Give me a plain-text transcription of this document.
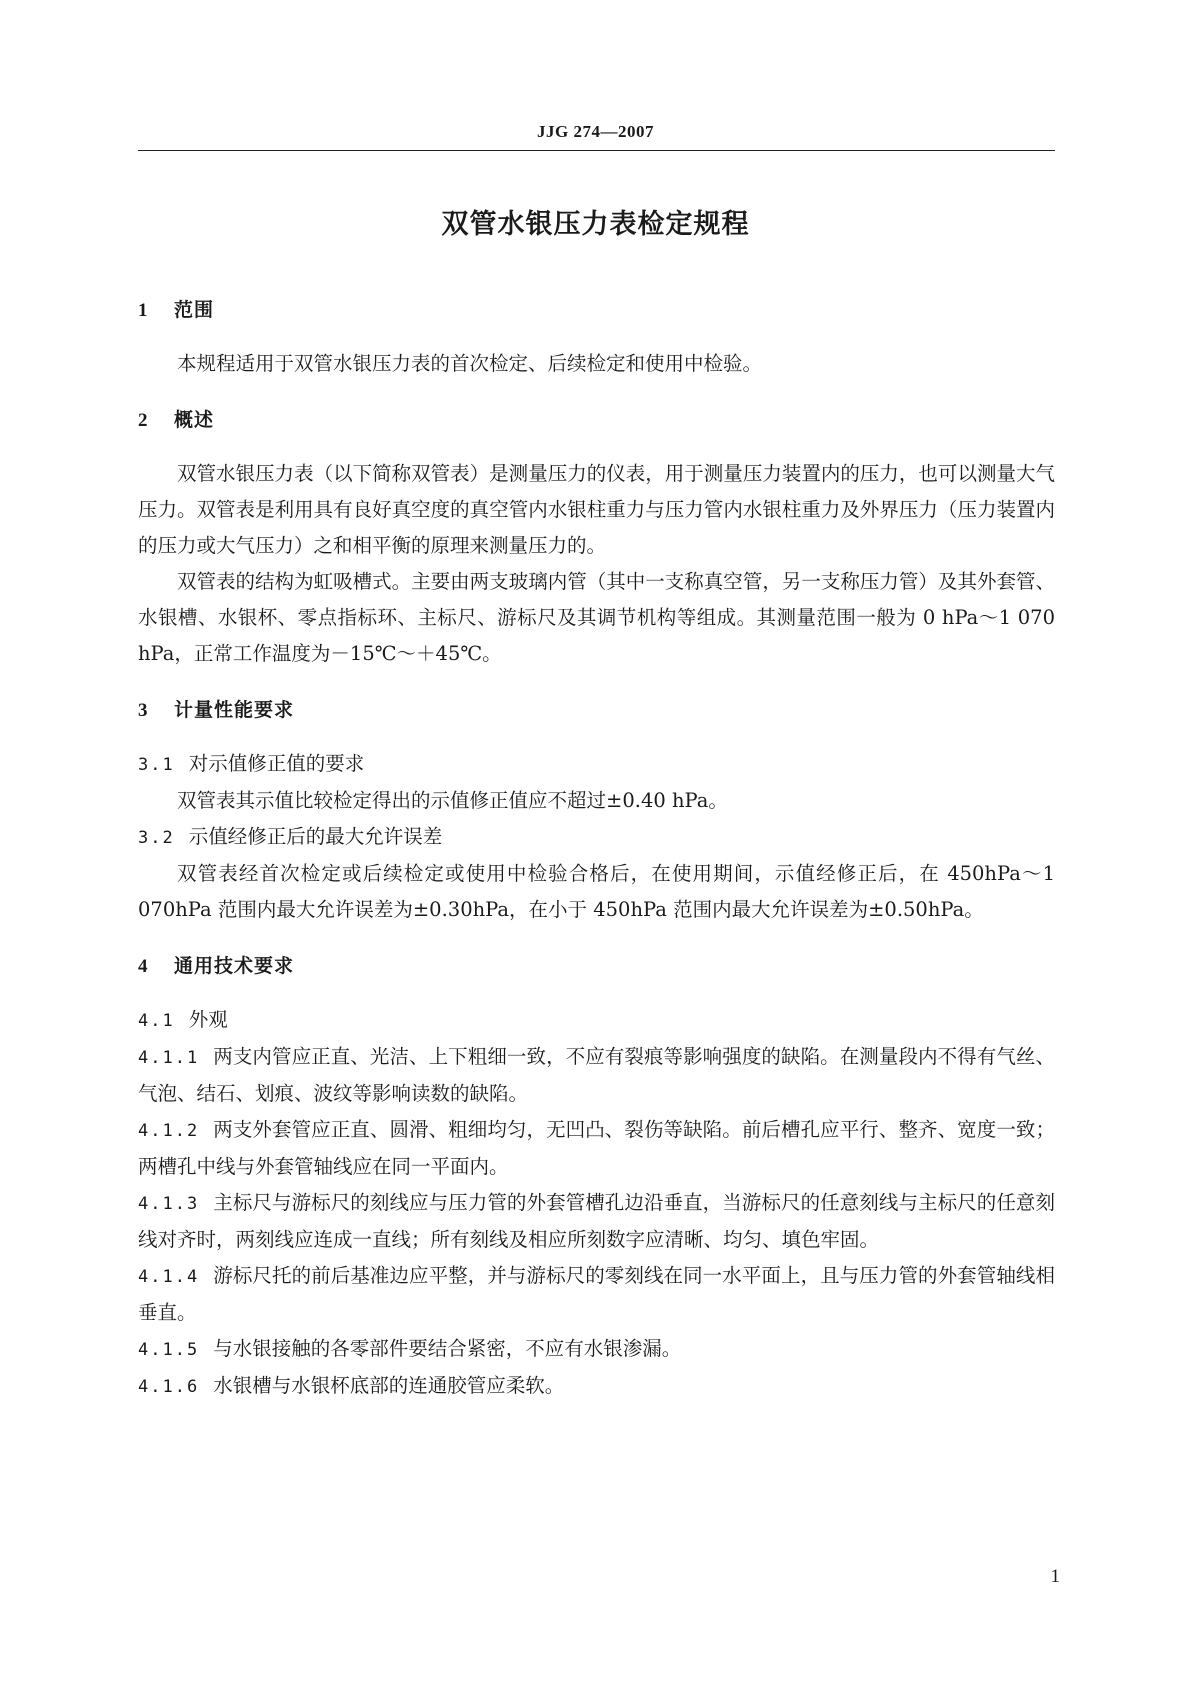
JJG 274—2007
双管水银压力表检定规程
1 范围

本规程适用于双管水银压力表的首次检定、后续检定和使用中检验。

2 概述

双管水银压力表（以下简称双管表）是测量压力的仪表，用于测量压力装置内的压力，也可以测量大气压力。双管表是利用具有良好真空度的真空管内水银柱重力与压力管内水银柱重力及外界压力（压力装置内的压力或大气压力）之和相平衡的原理来测量压力的。

双管表的结构为虹吸槽式。主要由两支玻璃内管（其中一支称真空管，另一支称压力管）及其外套管、水银槽、水银杯、零点指标环、主标尺、游标尺及其调节机构等组成。其测量范围一般为 0 hPa～1 070 hPa，正常工作温度为－15℃～＋45℃。

3 计量性能要求

3.1 对示值修正值的要求

双管表其示值比较检定得出的示值修正值应不超过±0.40 hPa。

3.2 示值经修正后的最大允许误差

双管表经首次检定或后续检定或使用中检验合格后，在使用期间，示值经修正后，在 450hPa～1 070hPa 范围内最大允许误差为±0.30hPa，在小于 450hPa 范围内最大允许误差为±0.50hPa。

4 通用技术要求

4.1 外观

4.1.1 两支内管应正直、光洁、上下粗细一致，不应有裂痕等影响强度的缺陷。在测量段内不得有气丝、气泡、结石、划痕、波纹等影响读数的缺陷。

4.1.2 两支外套管应正直、圆滑、粗细均匀，无凹凸、裂伤等缺陷。前后槽孔应平行、整齐、宽度一致；两槽孔中线与外套管轴线应在同一平面内。

4.1.3 主标尺与游标尺的刻线应与压力管的外套管槽孔边沿垂直，当游标尺的任意刻线与主标尺的任意刻线对齐时，两刻线应连成一直线；所有刻线及相应所刻数字应清晰、均匀、填色牢固。

4.1.4 游标尺托的前后基准边应平整，并与游标尺的零刻线在同一水平面上，且与压力管的外套管轴线相垂直。

4.1.5 与水银接触的各零部件要结合紧密，不应有水银渗漏。

4.1.6 水银槽与水银杯底部的连通胶管应柔软。

1
